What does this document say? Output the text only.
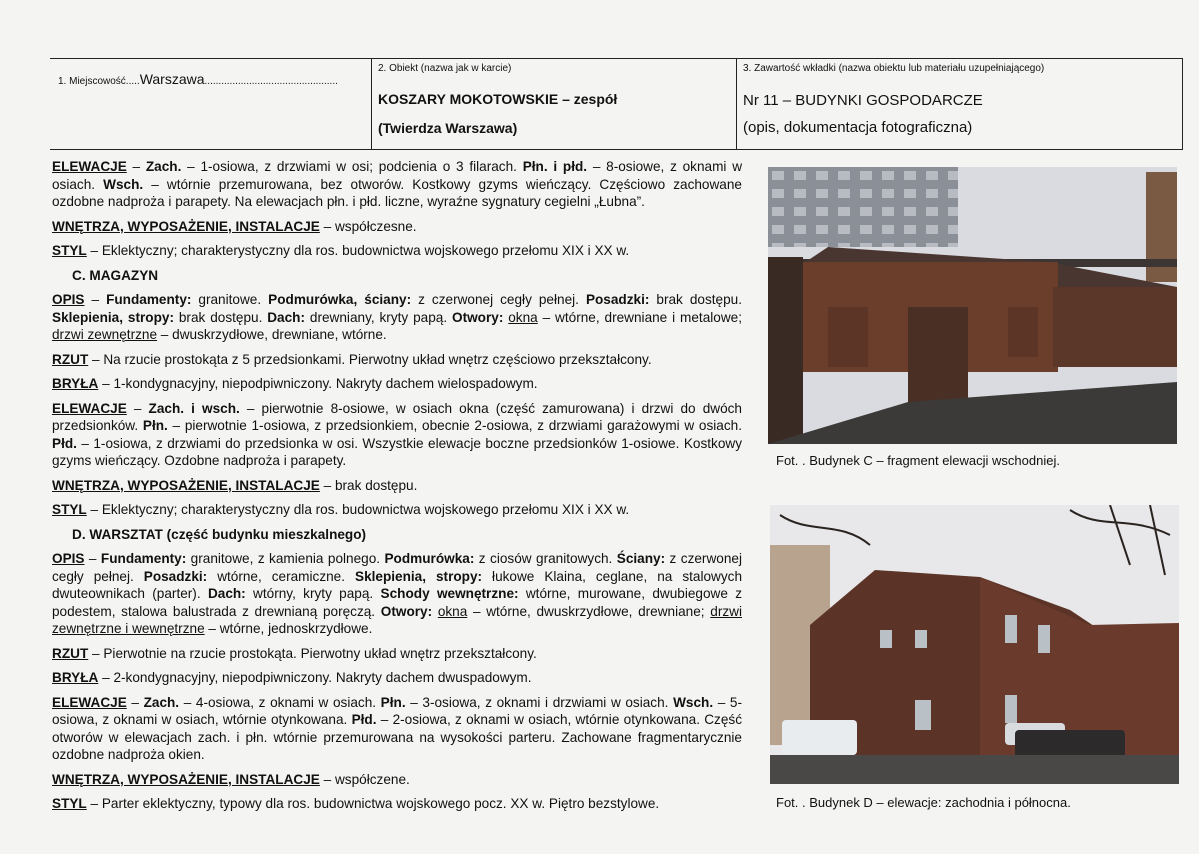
1. Miejscowość.....Warszawa................................................
2. Obiekt (nazwa jak w karcie)
KOSZARY MOKOTOWSKIE – zespół
(Twierdza Warszawa)
3. Zawartość wkładki (nazwa obiektu lub materiału uzupełniającego)
Nr 11 – BUDYNKI GOSPODARCZE
(opis, dokumentacja fotograficzna)

ELEWACJE – Zach. – 1-osiowa, z drzwiami w osi; podcienia o 3 filarach. Płn. i płd. – 8-osiowe, z oknami w osiach. Wsch. – wtórnie przemurowana, bez otworów. Kostkowy gzyms wieńczący. Częściowo zachowane ozdobne nadproża i parapety. Na elewacjach płn. i płd. liczne, wyraźne sygnatury cegielni „Łubna”.

WNĘTRZA, WYPOSAŻENIE, INSTALACJE – współczesne.

STYL – Eklektyczny; charakterystyczny dla ros. budownictwa wojskowego przełomu XIX i XX w.

C. MAGAZYN

OPIS – Fundamenty: granitowe. Podmurówka, ściany: z czerwonej cegły pełnej. Posadzki: brak dostępu. Sklepienia, stropy: brak dostępu. Dach: drewniany, kryty papą. Otwory: okna – wtórne, drewniane i metalowe; drzwi zewnętrzne – dwuskrzydłowe, drewniane, wtórne.

RZUT – Na rzucie prostokąta z 5 przedsionkami. Pierwotny układ wnętrz częściowo przekształcony.

BRYŁA – 1-kondygnacyjny, niepodpiwniczony. Nakryty dachem wielospadowym.

ELEWACJE – Zach. i wsch. – pierwotnie 8-osiowe, w osiach okna (część zamurowana) i drzwi do dwóch przedsionków. Płn. – pierwotnie 1-osiowa, z przedsionkiem, obecnie 2-osiowa, z drzwiami garażowymi w osiach. Płd. – 1-osiowa, z drzwiami do przedsionka w osi. Wszystkie elewacje boczne przedsionków 1-osiowe. Kostkowy gzyms wieńczący. Ozdobne nadproża i parapety.

WNĘTRZA, WYPOSAŻENIE, INSTALACJE – brak dostępu.

STYL – Eklektyczny; charakterystyczny dla ros. budownictwa wojskowego przełomu XIX i XX w.

D. WARSZTAT (część budynku mieszkalnego)

OPIS – Fundamenty: granitowe, z kamienia polnego. Podmurówka: z ciosów granitowych. Ściany: z czerwonej cegły pełnej. Posadzki: wtórne, ceramiczne. Sklepienia, stropy: łukowe Klaina, ceglane, na stalowych dwuteownikach (parter). Dach: wtórny, kryty papą. Schody wewnętrzne: wtórne, murowane, dwubiegowe z podestem, stalowa balustrada z drewnianą poręczą. Otwory: okna – wtórne, dwuskrzydłowe, drewniane; drzwi zewnętrzne i wewnętrzne – wtórne, jednoskrzydłowe.

RZUT – Pierwotnie na rzucie prostokąta. Pierwotny układ wnętrz przekształcony.

BRYŁA – 2-kondygnacyjny, niepodpiwniczony. Nakryty dachem dwuspadowym.

ELEWACJE – Zach. – 4-osiowa, z oknami w osiach. Płn. – 3-osiowa, z oknami i drzwiami w osiach. Wsch. – 5-osiowa, z oknami w osiach, wtórnie otynkowana. Płd. – 2-osiowa, z oknami w osiach, wtórnie otynkowana. Część otworów w elewacjach zach. i płn. wtórnie przemurowana na wysokości parteru. Zachowane fragmentarycznie ozdobne nadproża okien.

WNĘTRZA, WYPOSAŻENIE, INSTALACJE – współczene.

STYL – Parter eklektyczny, typowy dla ros. budownictwa wojskowego pocz. XX w. Piętro bezstylowe.

Fot. . Budynek C – fragment elewacji wschodniej.
Fot. . Budynek D – elewacje: zachodnia i północna.
